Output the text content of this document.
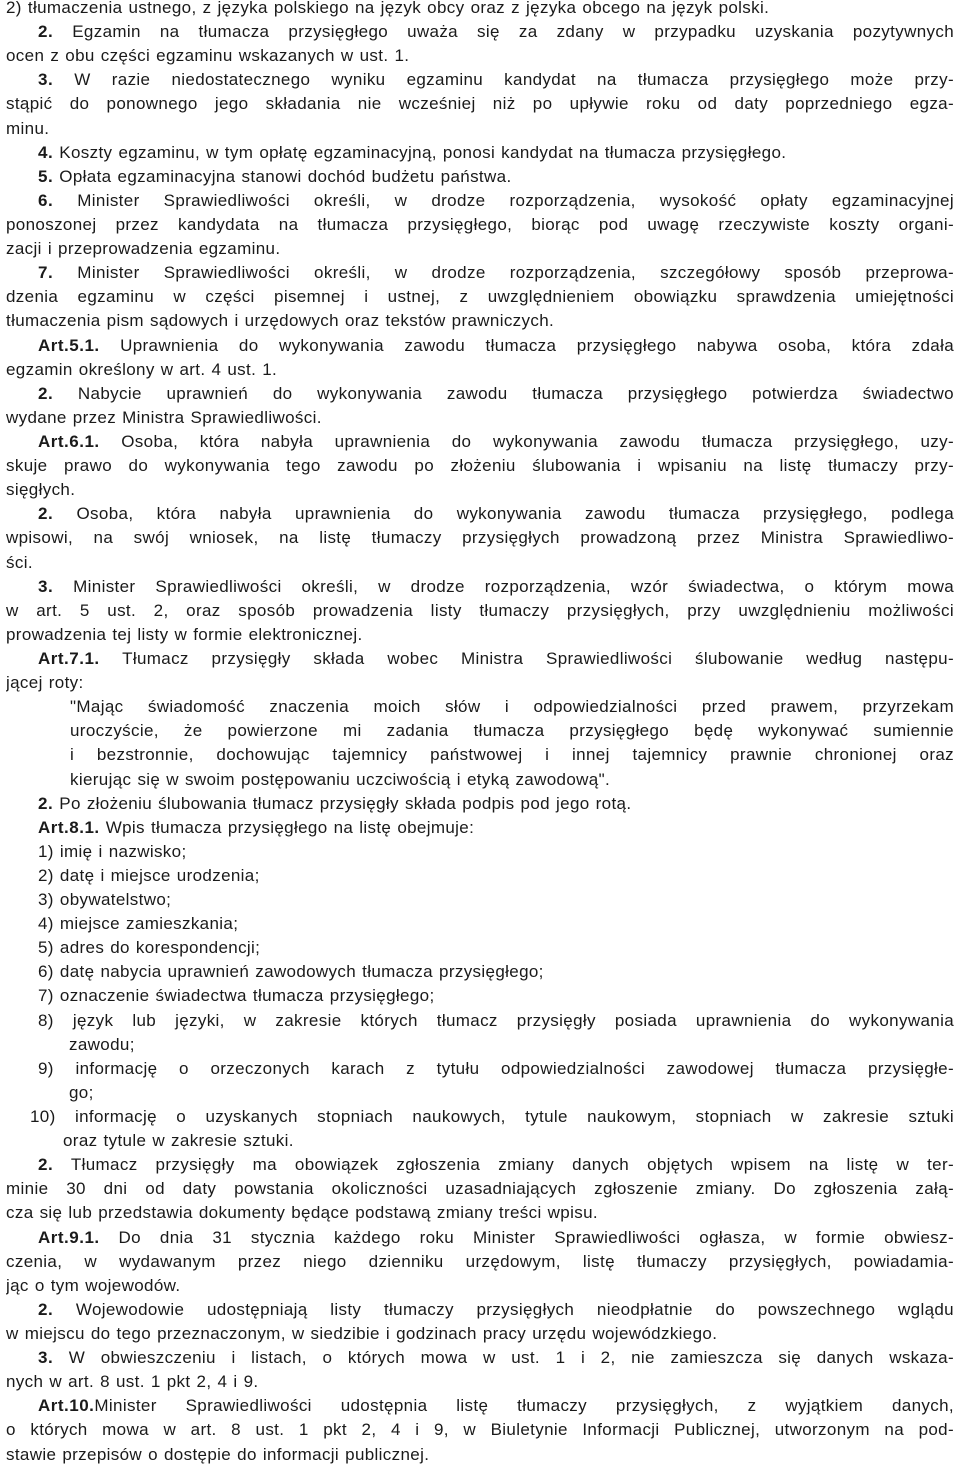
2) tłumaczenia ustnego, z języka polskiego na język obcy oraz z języka obcego na język polski.
2. Egzamin na tłumacza przysięgłego uważa się za zdany w przypadku uzyskania pozytywnych
ocen z obu części egzaminu wskazanych w ust. 1.
3. W razie niedostatecznego wyniku egzaminu kandydat na tłumacza przysięgłego może przy-
stąpić do ponownego jego składania nie wcześniej niż po upływie roku od daty poprzedniego egza-
minu.
4. Koszty egzaminu, w tym opłatę egzaminacyjną, ponosi kandydat na tłumacza przysięgłego.
5. Opłata egzaminacyjna stanowi dochód budżetu państwa.
6. Minister Sprawiedliwości określi, w drodze rozporządzenia, wysokość opłaty egzaminacyjnej
ponoszonej przez kandydata na tłumacza przysięgłego, biorąc pod uwagę rzeczywiste koszty organi-
zacji i przeprowadzenia egzaminu.
7. Minister Sprawiedliwości określi, w drodze rozporządzenia, szczegółowy sposób przeprowa-
dzenia egzaminu w części pisemnej i ustnej, z uwzględnieniem obowiązku sprawdzenia umiejętności
tłumaczenia pism sądowych i urzędowych oraz tekstów prawniczych.
Art.5.1. Uprawnienia do wykonywania zawodu tłumacza przysięgłego nabywa osoba, która zdała
egzamin określony w art. 4 ust. 1.
2. Nabycie uprawnień do wykonywania zawodu tłumacza przysięgłego potwierdza świadectwo
wydane przez Ministra Sprawiedliwości.
Art.6.1. Osoba, która nabyła uprawnienia do wykonywania zawodu tłumacza przysięgłego, uzy-
skuje prawo do wykonywania tego zawodu po złożeniu ślubowania i wpisaniu na listę tłumaczy przy-
sięgłych.
2. Osoba, która nabyła uprawnienia do wykonywania zawodu tłumacza przysięgłego, podlega
wpisowi, na swój wniosek, na listę tłumaczy przysięgłych prowadzoną przez Ministra Sprawiedliwo-
ści.
3. Minister Sprawiedliwości określi, w drodze rozporządzenia, wzór świadectwa, o którym mowa
w art. 5 ust. 2, oraz sposób prowadzenia listy tłumaczy przysięgłych, przy uwzględnieniu możliwości
prowadzenia tej listy w formie elektronicznej.
Art.7.1. Tłumacz przysięgły składa wobec Ministra Sprawiedliwości ślubowanie według następu-
jącej roty:
"Mając świadomość znaczenia moich słów i odpowiedzialności przed prawem, przyrzekam
uroczyście, że powierzone mi zadania tłumacza przysięgłego będę wykonywać sumiennie
i bezstronnie, dochowując tajemnicy państwowej i innej tajemnicy prawnie chronionej oraz
kierując się w swoim postępowaniu uczciwością i etyką zawodową".
2. Po złożeniu ślubowania tłumacz przysięgły składa podpis pod jego rotą.
Art.8.1. Wpis tłumacza przysięgłego na listę obejmuje:
1) imię i nazwisko;
2) datę i miejsce urodzenia;
3) obywatelstwo;
4) miejsce zamieszkania;
5) adres do korespondencji;
6) datę nabycia uprawnień zawodowych tłumacza przysięgłego;
7) oznaczenie świadectwa tłumacza przysięgłego;
8) język lub języki, w zakresie których tłumacz przysięgły posiada uprawnienia do wykonywania
zawodu;
9) informację o orzeczonych karach z tytułu odpowiedzialności zawodowej tłumacza przysięgłe-
go;
10) informację o uzyskanych stopniach naukowych, tytule naukowym, stopniach w zakresie sztuki
oraz tytule w zakresie sztuki.
2. Tłumacz przysięgły ma obowiązek zgłoszenia zmiany danych objętych wpisem na listę w ter-
minie 30 dni od daty powstania okoliczności uzasadniających zgłoszenie zmiany. Do zgłoszenia załą-
cza się lub przedstawia dokumenty będące podstawą zmiany treści wpisu.
Art.9.1. Do dnia 31 stycznia każdego roku Minister Sprawiedliwości ogłasza, w formie obwiesz-
czenia, w wydawanym przez niego dzienniku urzędowym, listę tłumaczy przysięgłych, powiadamia-
jąc o tym wojewodów.
2. Wojewodowie udostępniają listy tłumaczy przysięgłych nieodpłatnie do powszechnego wglądu
w miejscu do tego przeznaczonym, w siedzibie i godzinach pracy urzędu wojewódzkiego.
3. W obwieszczeniu i listach, o których mowa w ust. 1 i 2, nie zamieszcza się danych wskaza-
nych w art. 8 ust. 1 pkt 2, 4 i 9.
Art.10.Minister Sprawiedliwości udostępnia listę tłumaczy przysięgłych, z wyjątkiem danych,
o których mowa w art. 8 ust. 1 pkt 2, 4 i 9, w Biuletynie Informacji Publicznej, utworzonym na pod-
stawie przepisów o dostępie do informacji publicznej.
